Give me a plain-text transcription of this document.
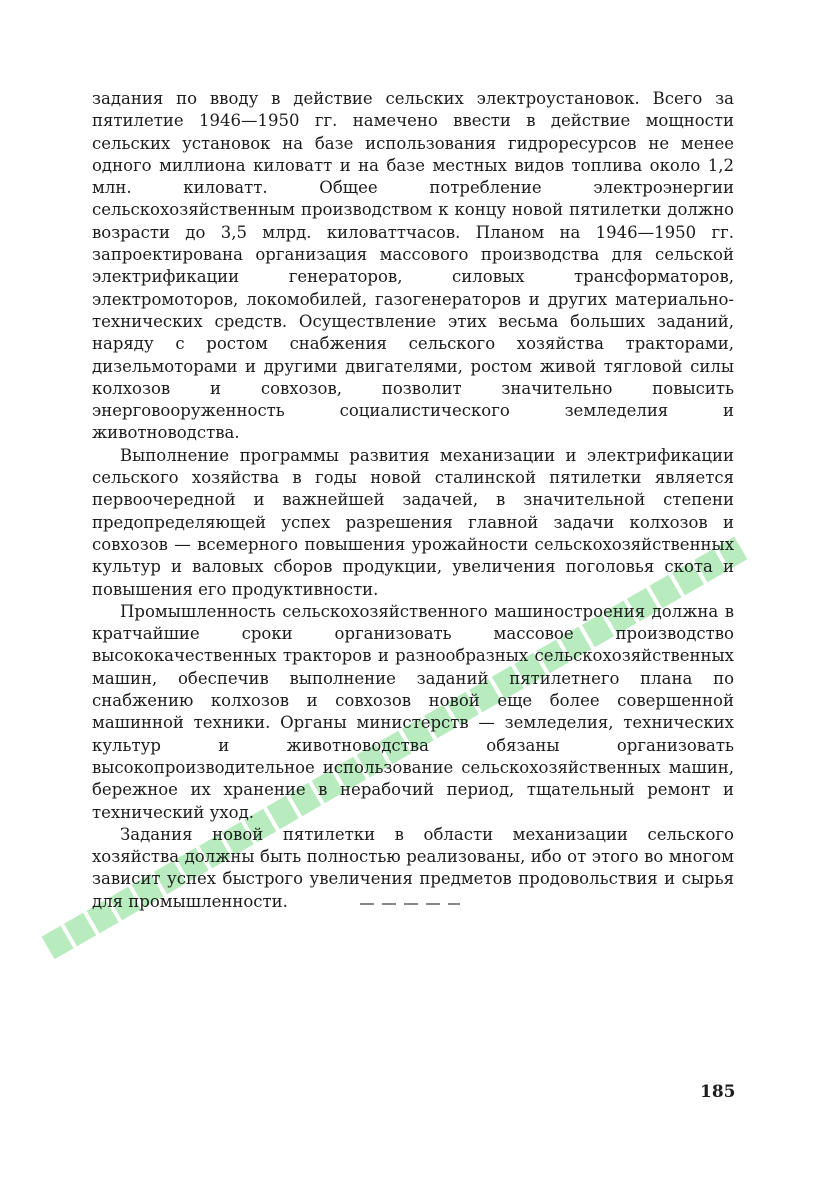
задания по вводу в действие сельских электроустановок. Всего за пятилетие 1946—1950 гг. намечено ввести в действие мощности сельских установок на базе использования гидроресурсов не менее одного миллиона киловатт и на базе местных видов топлива около 1,2 млн. киловатт. Общее потребление электроэнергии сельскохозяйственным производством к концу новой пятилетки должно возрасти до 3,5 млрд. киловаттчасов. Планом на 1946—1950 гг. запроектирована организация массового производства для сельской электрификации генераторов, силовых трансформаторов, электромоторов, локомобилей, газогенераторов и других материально-технических средств. Осуществление этих весьма больших заданий, наряду с ростом снабжения сельского хозяйства тракторами, дизельмоторами и другими двигателями, ростом живой тягловой силы колхозов и совхозов, позволит значительно повысить энерговооруженность социалистического земледелия и животноводства.

Выполнение программы развития механизации и электрификации сельского хозяйства в годы новой сталинской пятилетки является первоочередной и важнейшей задачей, в значительной степени предопределяющей успех разрешения главной задачи колхозов и совхозов — всемерного повышения урожайности сельскохозяйственных культур и валовых сборов продукции, увеличения поголовья скота и повышения его продуктивности.

Промышленность сельскохозяйственного машиностроения должна в кратчайшие сроки организовать массовое производство высококачественных тракторов и разнообразных сельскохозяйственных машин, обеспечив выполнение заданий пятилетнего плана по снабжению колхозов и совхозов новой еще более совершенной машинной техники. Органы министерств — земледелия, технических культур и животноводства обязаны организовать высокопроизводительное использование сельскохозяйственных машин, бережное их хранение в нерабочий период, тщательный ремонт и технический уход.

Задания новой пятилетки в области механизации сельского хозяйства должны быть полностью реализованы, ибо от этого во многом зависит успех быстрого увеличения предметов продовольствия и сырья для промышленности.

185
